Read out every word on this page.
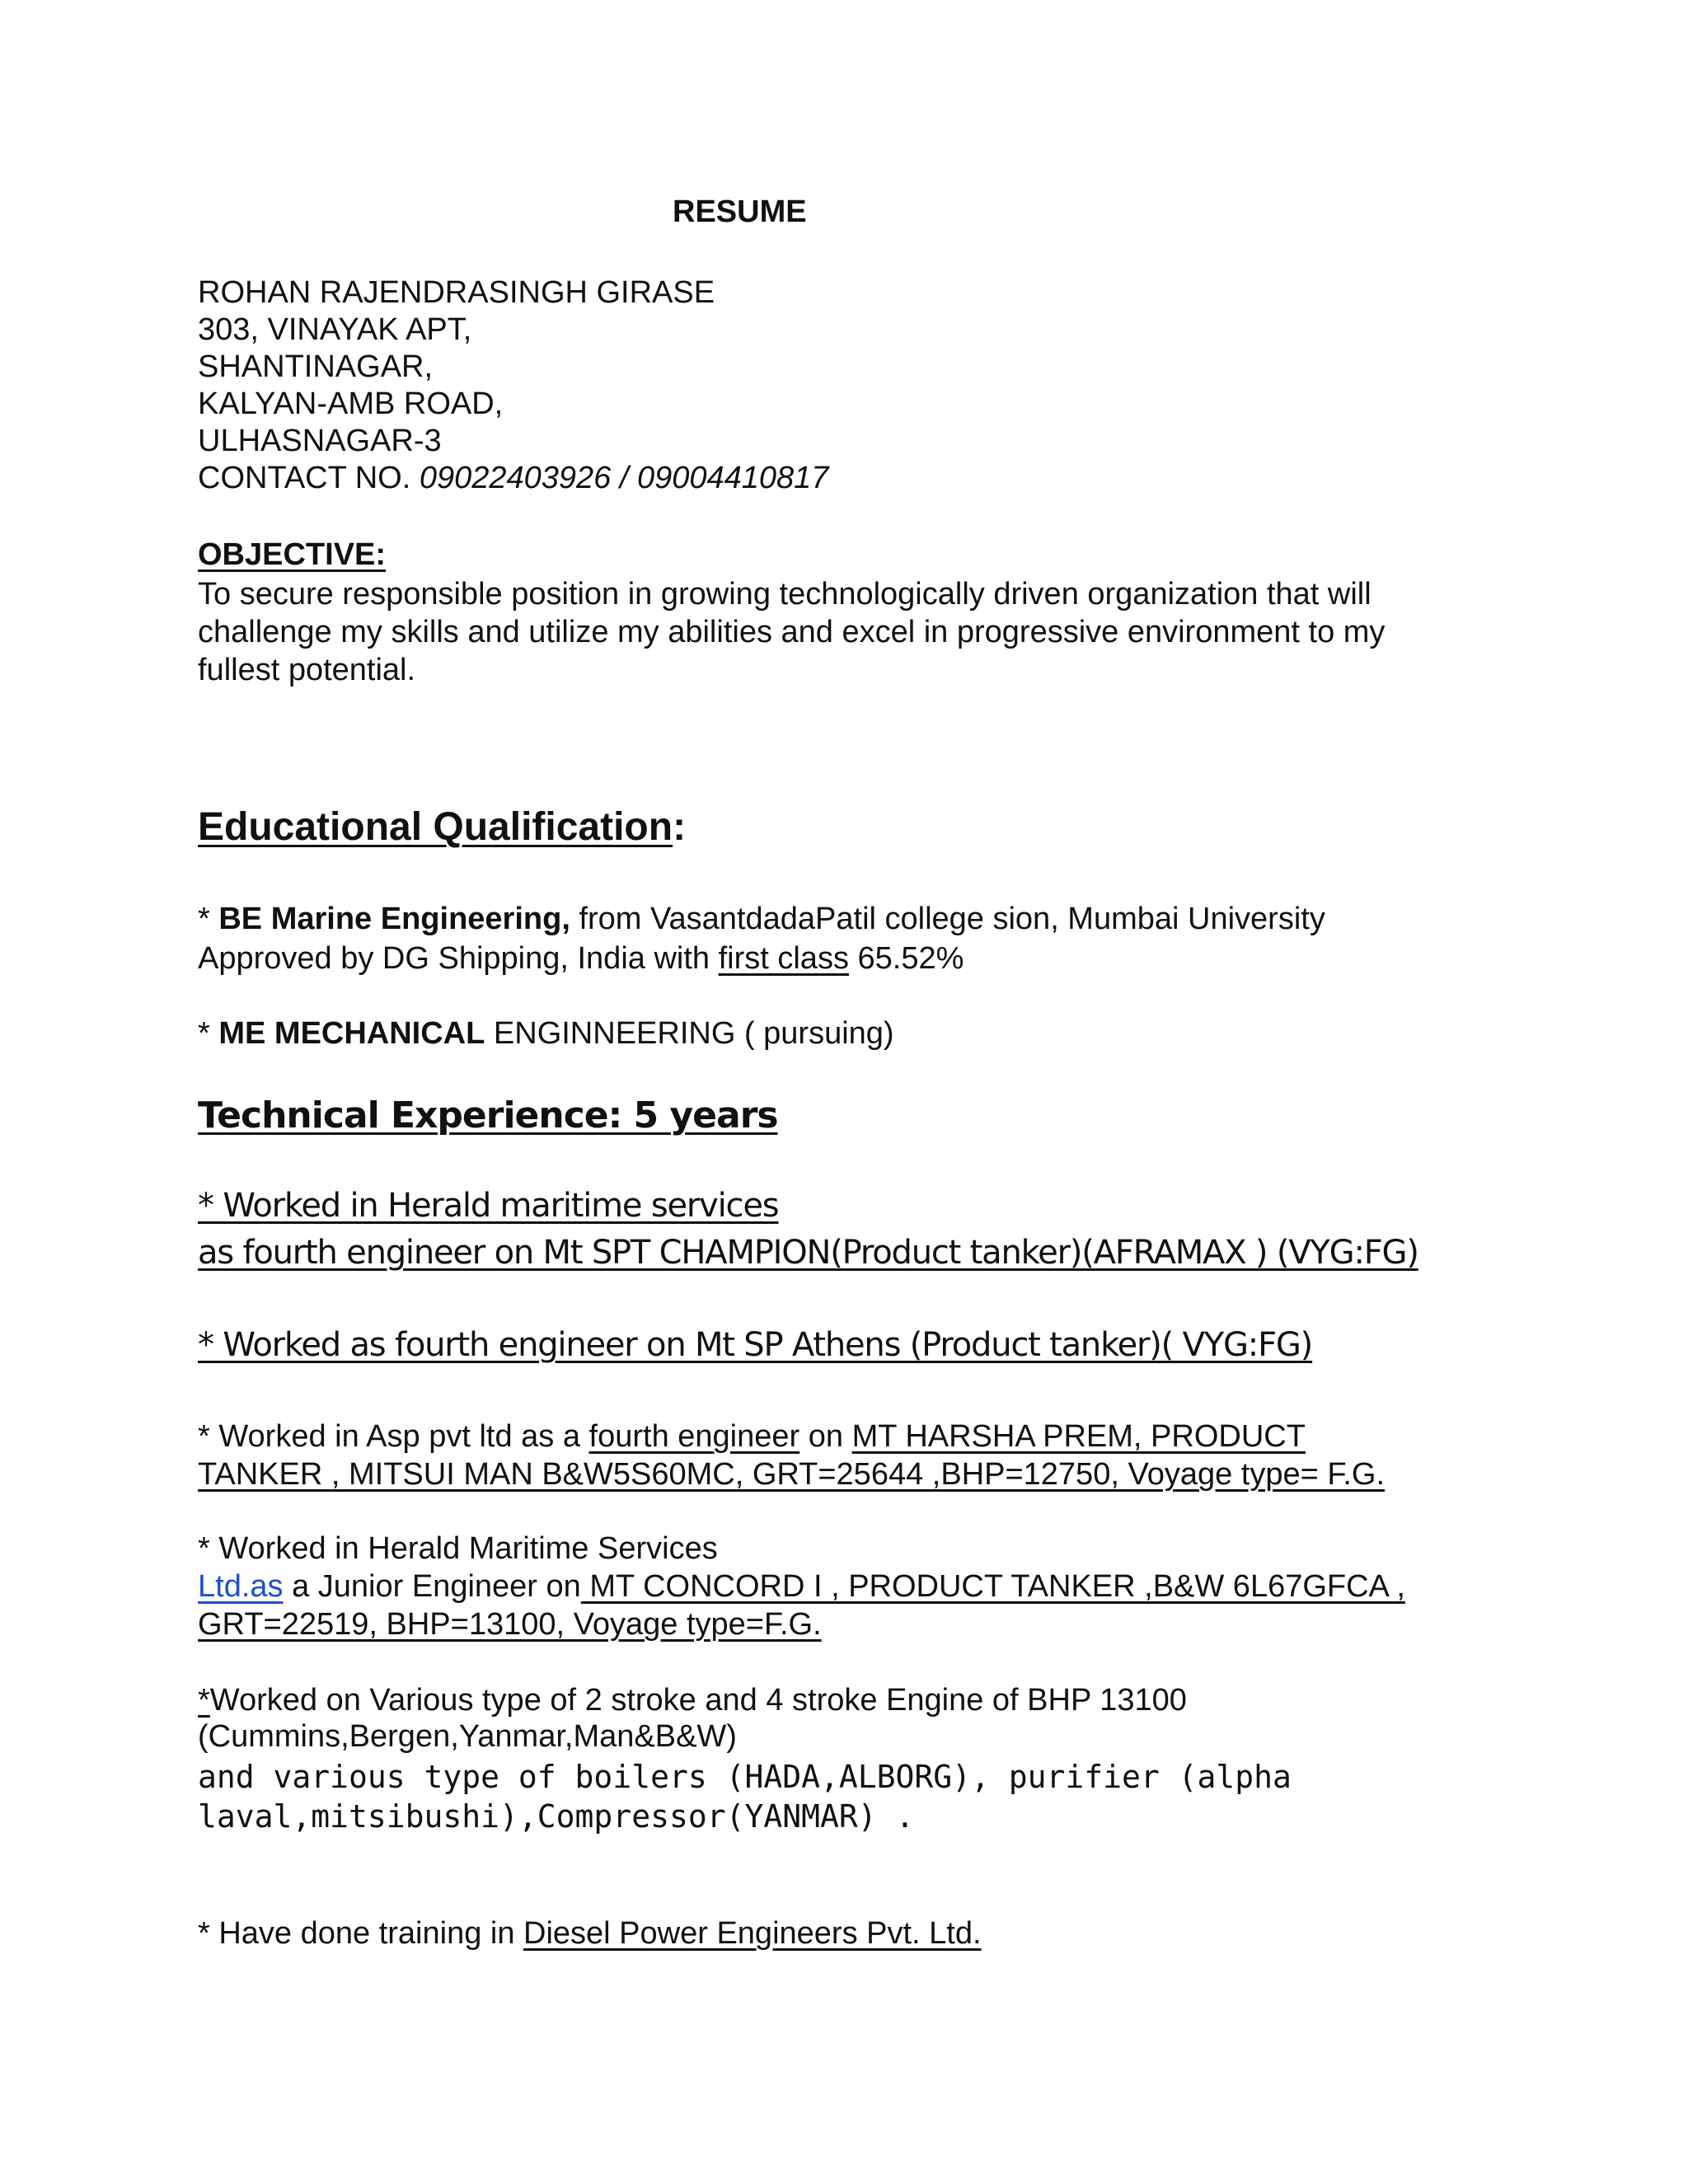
RESUME

ROHAN RAJENDRASINGH GIRASE

303, VINAYAK APT,

SHANTINAGAR,

KALYAN-AMB ROAD,

ULHASNAGAR-3

CONTACT NO. 09022403926 / 09004410817

OBJECTIVE:

To secure responsible position in growing technologically driven organization that will

challenge my skills and utilize my abilities and excel in progressive environment to my

fullest potential.

Educational Qualification:

* BE Marine Engineering, from VasantdadaPatil college sion, Mumbai University

Approved by DG Shipping, India with first class 65.52%

* ME MECHANICAL ENGINNEERING ( pursuing)

Technical Experience: 5 years

* Worked in Herald maritime services

as fourth engineer on Mt SPT CHAMPION(Product tanker)(AFRAMAX ) (VYG:FG)

* Worked as fourth engineer on Mt SP Athens (Product tanker)( VYG:FG)

* Worked in Asp pvt ltd as a fourth engineer on MT HARSHA PREM, PRODUCT

TANKER , MITSUI MAN B&W5S60MC, GRT=25644 ,BHP=12750, Voyage type= F.G.

* Worked in Herald Maritime Services

Ltd.as a Junior Engineer on MT CONCORD I , PRODUCT TANKER ,B&W 6L67GFCA ,

GRT=22519, BHP=13100, Voyage type=F.G.

*Worked on Various type of 2 stroke and 4 stroke Engine of BHP 13100

(Cummins,Bergen,Yanmar,Man&B&W)

and various type of boilers (HADA,ALBORG), purifier (alpha

laval,mitsibushi),Compressor(YANMAR) .

* Have done training in Diesel Power Engineers Pvt. Ltd.
